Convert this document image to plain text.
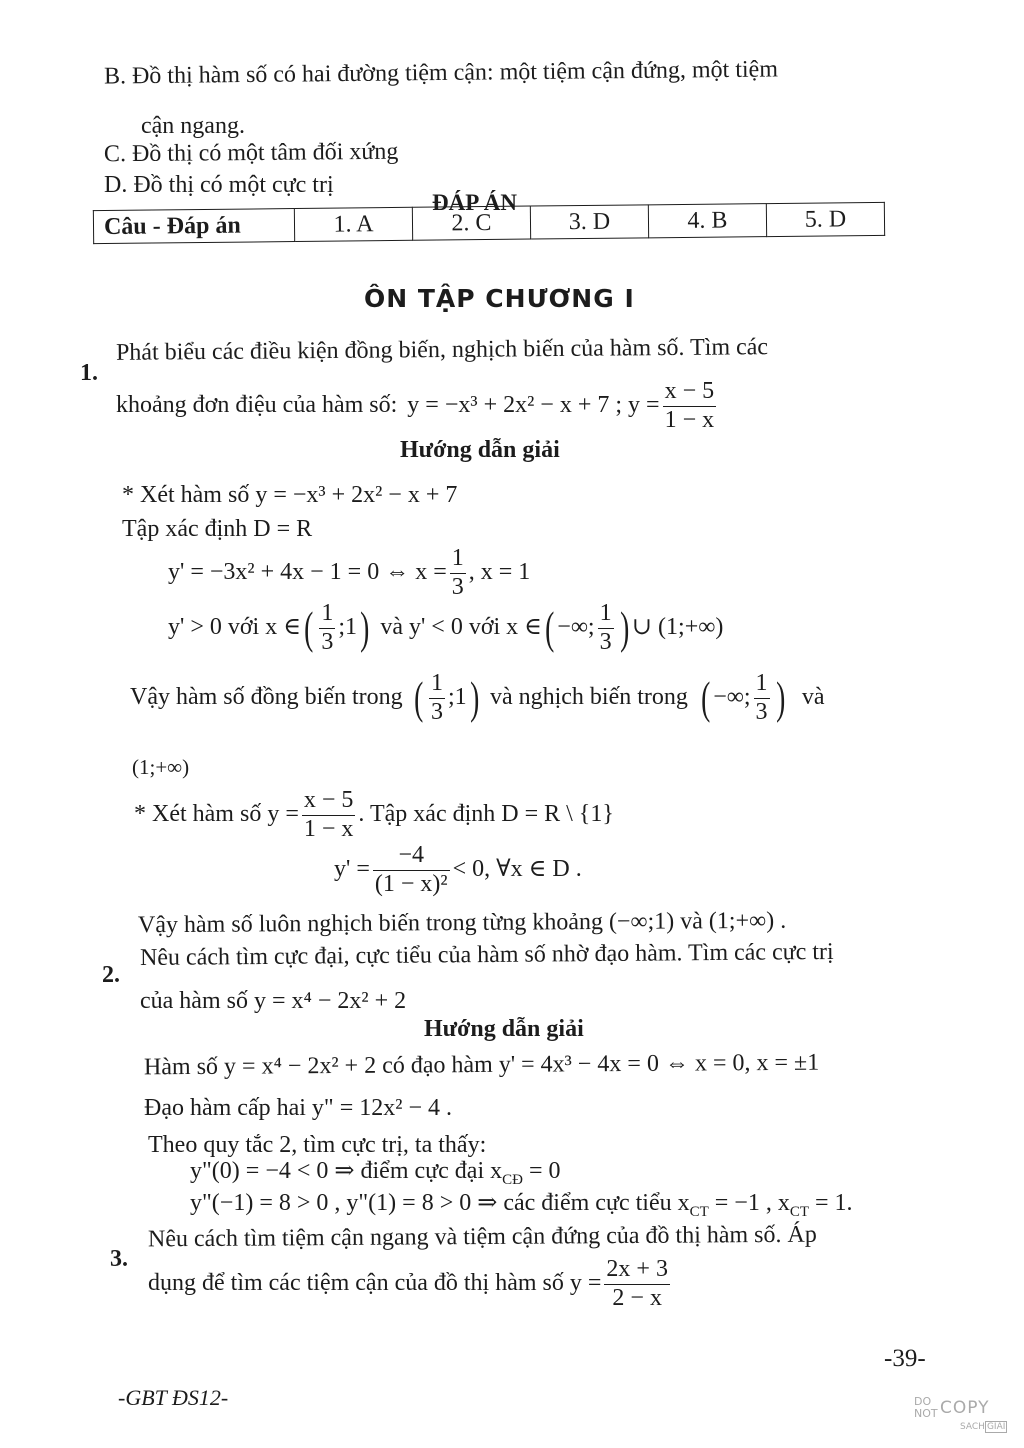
B. Đồ thị hàm số có hai đường tiệm cận: một tiệm cận đứng, một tiệm
cận ngang.
C. Đồ thị có một tâm đối xứng
D. Đồ thị có một cực trị
ĐÁP ÁN
Câu - Đáp án	1. A	2. C	3. D	4. B	5. D
ÔN TẬP CHƯƠNG I
1.
Phát biểu các điều kiện đồng biến, nghịch biến của hàm số. Tìm các
khoảng đơn điệu của hàm số: y = −x³ + 2x² − x + 7 ; $y = \frac{x - 5}{1 - x}$
Hướng dẫn giải
* Xét hàm số y = −x³ + 2x² − x + 7
Tập xác định D = R
y' = −3x² + 4x − 1 = 0 ⇔ $x = \frac{1}{3}$ , x = 1
y' > 0 với x ∈ ( $\frac{1}{3}$ ;1 ) và y' < 0 với x ∈ ( −∞; $\frac{1}{3}$ ) ∪ (1;+∞)
Vậy hàm số đồng biến trong ( $\frac{1}{3}$ ;1 ) và nghịch biến trong ( −∞; $\frac{1}{3}$ ) và
(1;+∞)
* Xét hàm số $y = \frac{x - 5}{1 - x}$ . Tập xác định D = R \ {1}
$y' = \frac{-4}{\text{(1 − x)²}} < 0$, ∀x ∈ D .
Vậy hàm số luôn nghịch biến trong từng khoảng (−∞;1) và (1;+∞) .
2.
Nêu cách tìm cực đại, cực tiểu của hàm số nhờ đạo hàm. Tìm các cực trị
của hàm số y = x⁴ − 2x² + 2
Hướng dẫn giải
Hàm số y = x⁴ − 2x² + 2 có đạo hàm y' = 4x³ − 4x = 0 ⇔ x = 0, x = ±1
Đạo hàm cấp hai y" = 12x² − 4 .
Theo quy tắc 2, tìm cực trị, ta thấy:
y"(0) = −4 < 0 ⇒ điểm cực đại $x_{CĐ} = 0$
y"(−1) = 8 > 0 , y"(1) = 8 > 0 ⇒ các điểm cực tiểu $x_{CT} = -1$ , $x_{CT} = 1$.
3.
Nêu cách tìm tiệm cận ngang và tiệm cận đứng của đồ thị hàm số. Áp
dụng để tìm các tiệm cận của đồ thị hàm số $y = \frac{2x + 3}{2 - x}$
-39-
-GBT ĐS12-	DO
NOT COPY
SACH GIAI
